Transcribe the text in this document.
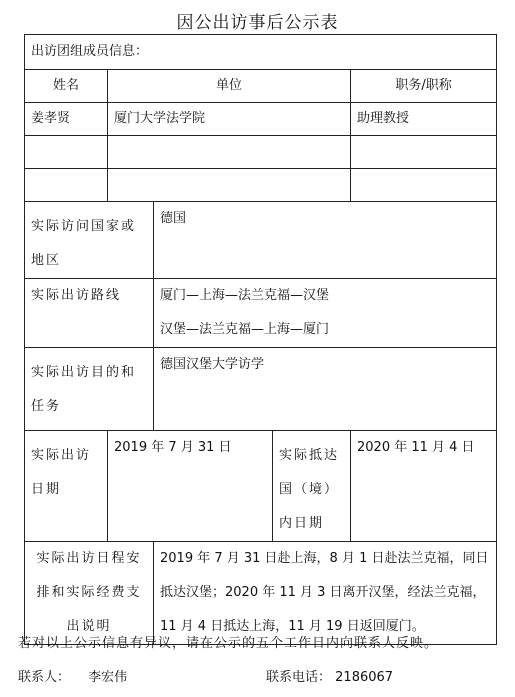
因公出访事后公示表
出访团组成员信息：				
姓名	单位			职务/职称
姜孝贤	厦门大学法学院			助理教授

实际访问国家或地区		德国		
实际出访路线		厦门—上海—法兰克福—汉堡
汉堡—法兰克福—上海—厦门		

实际出访目的和任务		德国汉堡大学访学		
实际出访日期	2019 年 7 月 31 日		实际抵达国（境）内日期	2020 年 11 月 4 日
实际出访日程安排和实际经费支出说明		2019 年 7 月 31 日赴上海，8 月 1 日赴法兰克福，同日抵达汉堡；2020 年 11 月 3 日离开汉堡，经法兰克福，11 月 4 日抵达上海，11 月 19 日返回厦门。		
若对以上公示信息有异议，请在公示的五个工作日内向联系人反映。
联系人： 李宏伟	联系电话： 2186067
